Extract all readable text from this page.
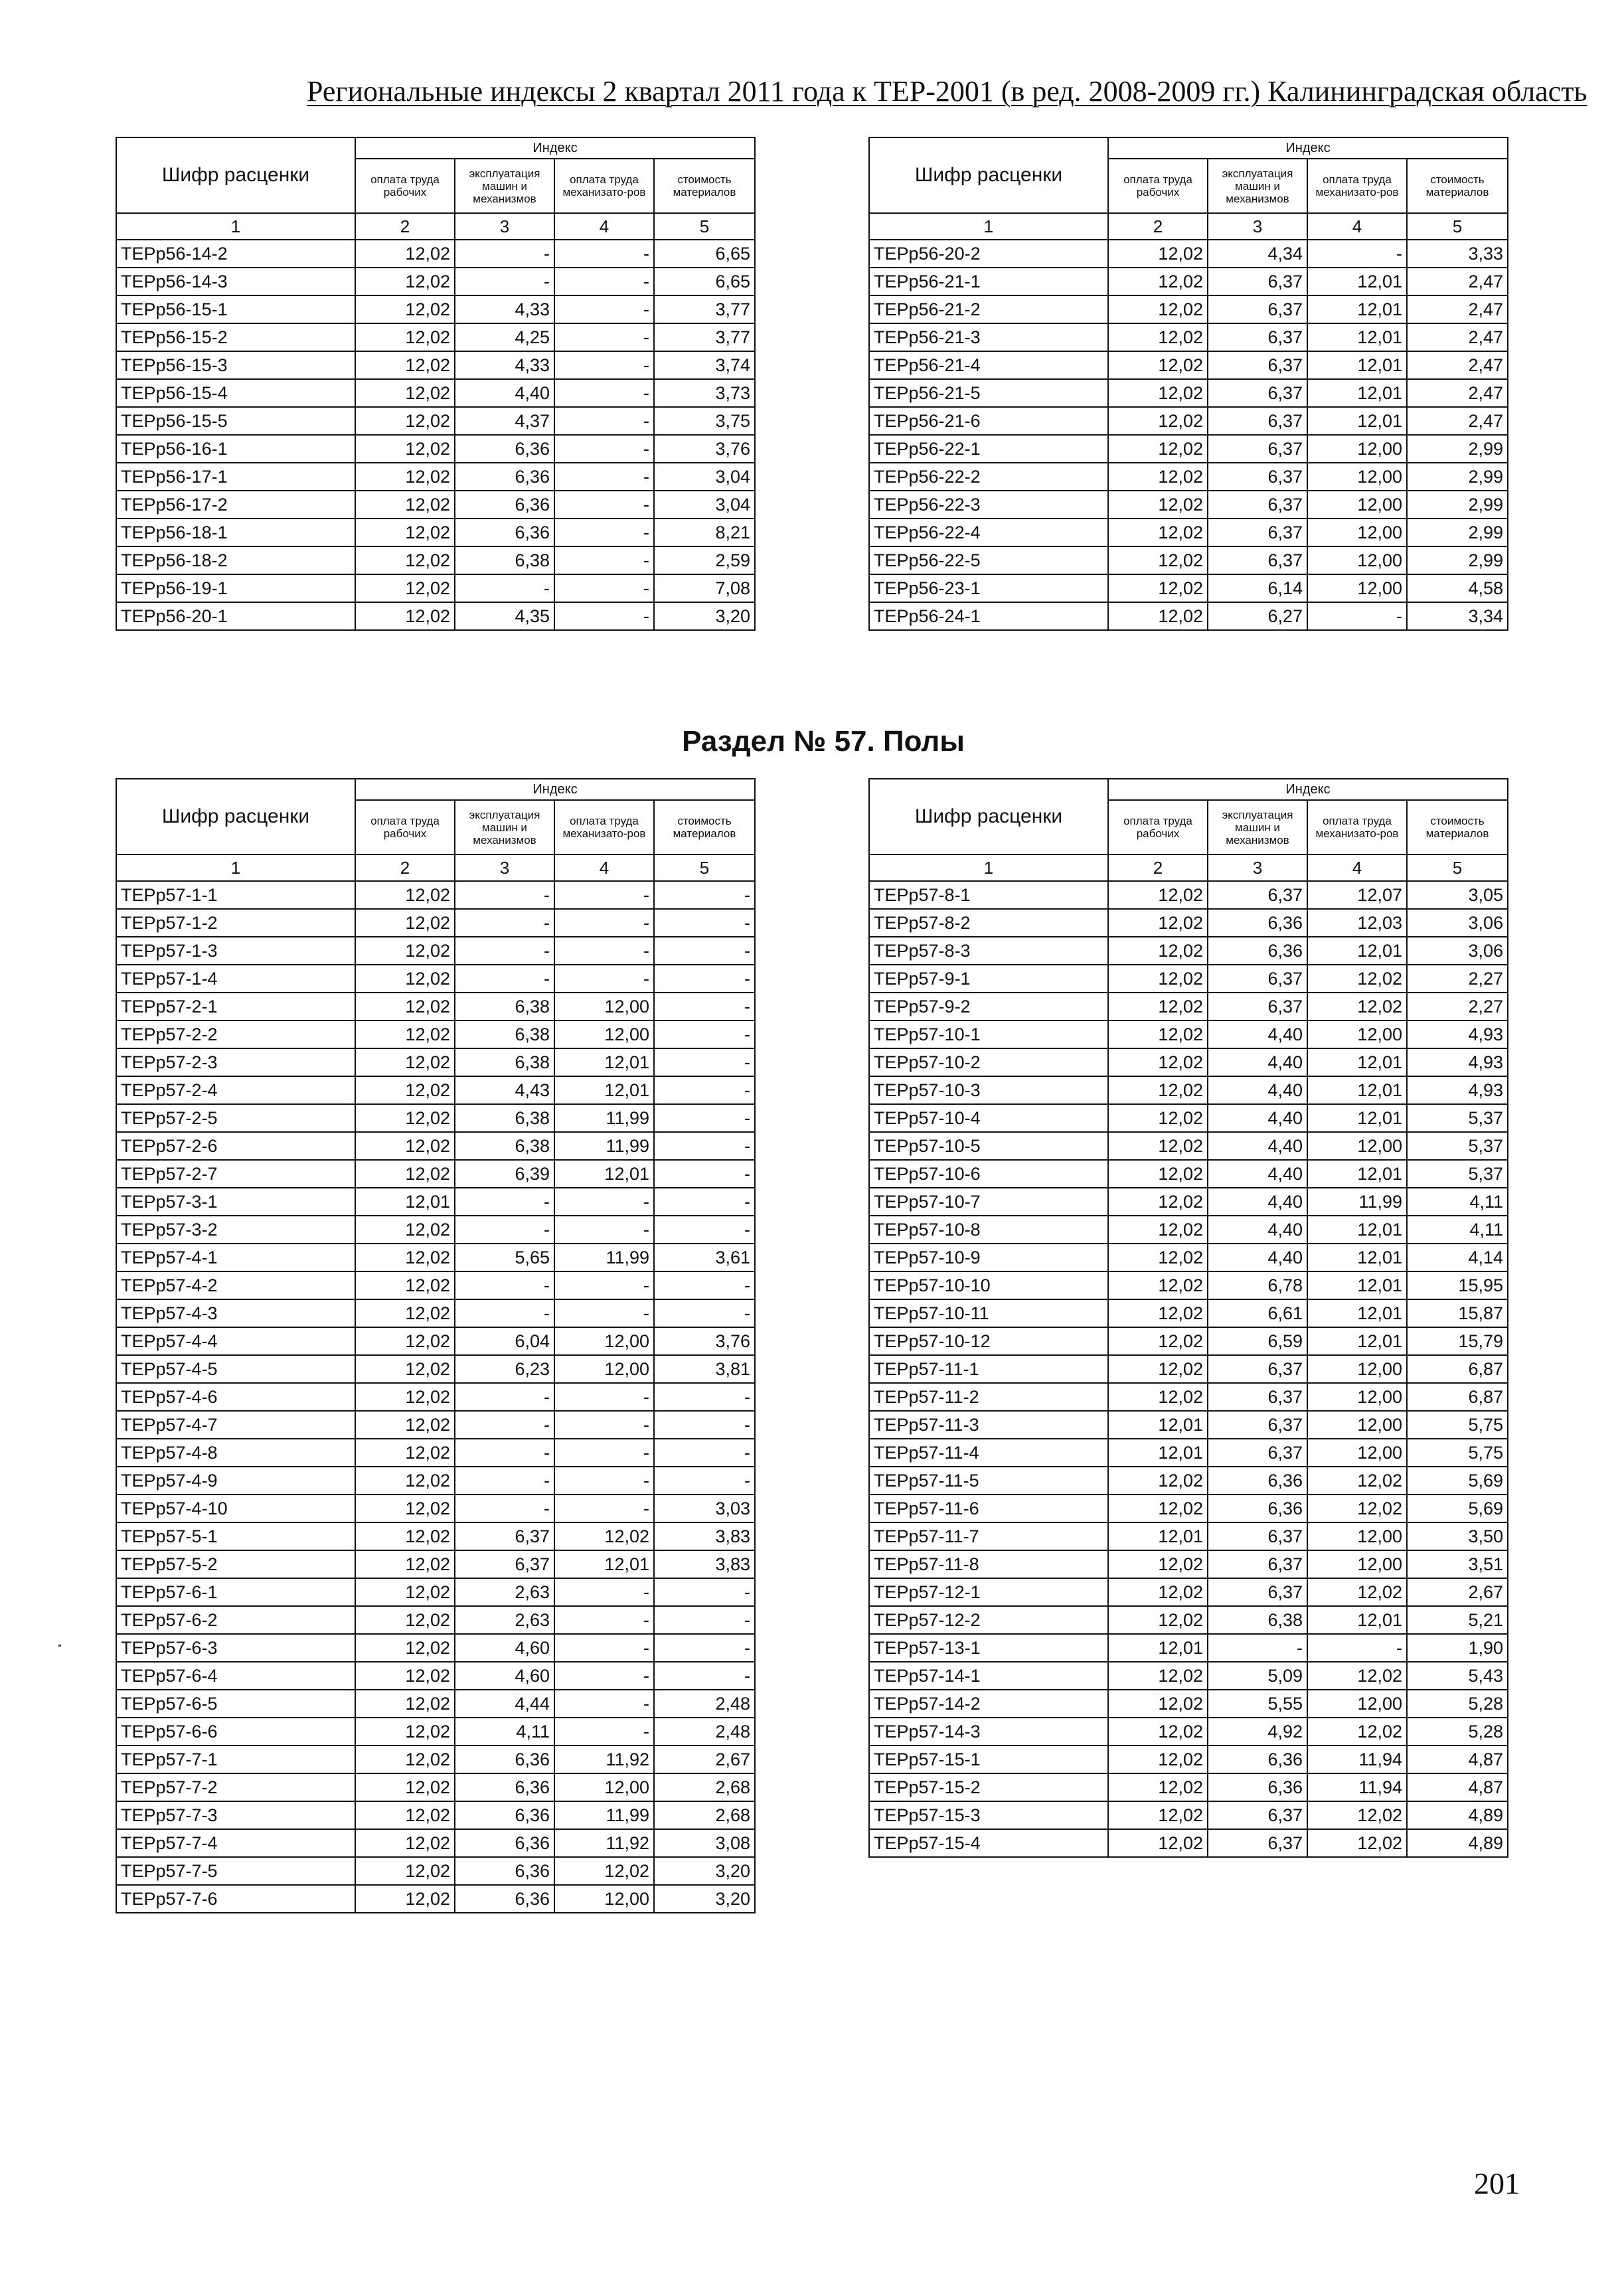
Региональные индексы 2 квартал 2011 года к ТЕР-2001 (в ред. 2008-2009 гг.) Калининградская область
Шифр расценки	Индекс			
	оплата труда рабочих	эксплуатация машин и механизмов	оплата труда механизато-ров	стоимость материалов
1	2	3	4	5
ТЕРр56-14-2	12,02	-	-	6,65
ТЕРр56-14-3	12,02	-	-	6,65
ТЕРр56-15-1	12,02	4,33	-	3,77
ТЕРр56-15-2	12,02	4,25	-	3,77
ТЕРр56-15-3	12,02	4,33	-	3,74
ТЕРр56-15-4	12,02	4,40	-	3,73
ТЕРр56-15-5	12,02	4,37	-	3,75
ТЕРр56-16-1	12,02	6,36	-	3,76
ТЕРр56-17-1	12,02	6,36	-	3,04
ТЕРр56-17-2	12,02	6,36	-	3,04
ТЕРр56-18-1	12,02	6,36	-	8,21
ТЕРр56-18-2	12,02	6,38	-	2,59
ТЕРр56-19-1	12,02	-	-	7,08
ТЕРр56-20-1	12,02	4,35	-	3,20
Шифр расценки	Индекс			
	оплата труда рабочих	эксплуатация машин и механизмов	оплата труда механизато-ров	стоимость материалов
1	2	3	4	5
ТЕРр56-20-2	12,02	4,34	-	3,33
ТЕРр56-21-1	12,02	6,37	12,01	2,47
ТЕРр56-21-2	12,02	6,37	12,01	2,47
ТЕРр56-21-3	12,02	6,37	12,01	2,47
ТЕРр56-21-4	12,02	6,37	12,01	2,47
ТЕРр56-21-5	12,02	6,37	12,01	2,47
ТЕРр56-21-6	12,02	6,37	12,01	2,47
ТЕРр56-22-1	12,02	6,37	12,00	2,99
ТЕРр56-22-2	12,02	6,37	12,00	2,99
ТЕРр56-22-3	12,02	6,37	12,00	2,99
ТЕРр56-22-4	12,02	6,37	12,00	2,99
ТЕРр56-22-5	12,02	6,37	12,00	2,99
ТЕРр56-23-1	12,02	6,14	12,00	4,58
ТЕРр56-24-1	12,02	6,27	-	3,34
Раздел № 57. Полы
Шифр расценки	Индекс			
	оплата труда рабочих	эксплуатация машин и механизмов	оплата труда механизато-ров	стоимость материалов
1	2	3	4	5
ТЕРр57-1-1	12,02	-	-	-
ТЕРр57-1-2	12,02	-	-	-
ТЕРр57-1-3	12,02	-	-	-
ТЕРр57-1-4	12,02	-	-	-
ТЕРр57-2-1	12,02	6,38	12,00	-
ТЕРр57-2-2	12,02	6,38	12,00	-
ТЕРр57-2-3	12,02	6,38	12,01	-
ТЕРр57-2-4	12,02	4,43	12,01	-
ТЕРр57-2-5	12,02	6,38	11,99	-
ТЕРр57-2-6	12,02	6,38	11,99	-
ТЕРр57-2-7	12,02	6,39	12,01	-
ТЕРр57-3-1	12,01	-	-	-
ТЕРр57-3-2	12,02	-	-	-
ТЕРр57-4-1	12,02	5,65	11,99	3,61
ТЕРр57-4-2	12,02	-	-	-
ТЕРр57-4-3	12,02	-	-	-
ТЕРр57-4-4	12,02	6,04	12,00	3,76
ТЕРр57-4-5	12,02	6,23	12,00	3,81
ТЕРр57-4-6	12,02	-	-	-
ТЕРр57-4-7	12,02	-	-	-
ТЕРр57-4-8	12,02	-	-	-
ТЕРр57-4-9	12,02	-	-	-
ТЕРр57-4-10	12,02	-	-	3,03
ТЕРр57-5-1	12,02	6,37	12,02	3,83
ТЕРр57-5-2	12,02	6,37	12,01	3,83
ТЕРр57-6-1	12,02	2,63	-	-
ТЕРр57-6-2	12,02	2,63	-	-
ТЕРр57-6-3	12,02	4,60	-	-
ТЕРр57-6-4	12,02	4,60	-	-
ТЕРр57-6-5	12,02	4,44	-	2,48
ТЕРр57-6-6	12,02	4,11	-	2,48
ТЕРр57-7-1	12,02	6,36	11,92	2,67
ТЕРр57-7-2	12,02	6,36	12,00	2,68
ТЕРр57-7-3	12,02	6,36	11,99	2,68
ТЕРр57-7-4	12,02	6,36	11,92	3,08
ТЕРр57-7-5	12,02	6,36	12,02	3,20
ТЕРр57-7-6	12,02	6,36	12,00	3,20
Шифр расценки	Индекс			
	оплата труда рабочих	эксплуатация машин и механизмов	оплата труда механизато-ров	стоимость материалов
1	2	3	4	5
ТЕРр57-8-1	12,02	6,37	12,07	3,05
ТЕРр57-8-2	12,02	6,36	12,03	3,06
ТЕРр57-8-3	12,02	6,36	12,01	3,06
ТЕРр57-9-1	12,02	6,37	12,02	2,27
ТЕРр57-9-2	12,02	6,37	12,02	2,27
ТЕРр57-10-1	12,02	4,40	12,00	4,93
ТЕРр57-10-2	12,02	4,40	12,01	4,93
ТЕРр57-10-3	12,02	4,40	12,01	4,93
ТЕРр57-10-4	12,02	4,40	12,01	5,37
ТЕРр57-10-5	12,02	4,40	12,00	5,37
ТЕРр57-10-6	12,02	4,40	12,01	5,37
ТЕРр57-10-7	12,02	4,40	11,99	4,11
ТЕРр57-10-8	12,02	4,40	12,01	4,11
ТЕРр57-10-9	12,02	4,40	12,01	4,14
ТЕРр57-10-10	12,02	6,78	12,01	15,95
ТЕРр57-10-11	12,02	6,61	12,01	15,87
ТЕРр57-10-12	12,02	6,59	12,01	15,79
ТЕРр57-11-1	12,02	6,37	12,00	6,87
ТЕРр57-11-2	12,02	6,37	12,00	6,87
ТЕРр57-11-3	12,01	6,37	12,00	5,75
ТЕРр57-11-4	12,01	6,37	12,00	5,75
ТЕРр57-11-5	12,02	6,36	12,02	5,69
ТЕРр57-11-6	12,02	6,36	12,02	5,69
ТЕРр57-11-7	12,01	6,37	12,00	3,50
ТЕРр57-11-8	12,02	6,37	12,00	3,51
ТЕРр57-12-1	12,02	6,37	12,02	2,67
ТЕРр57-12-2	12,02	6,38	12,01	5,21
ТЕРр57-13-1	12,01	-	-	1,90
ТЕРр57-14-1	12,02	5,09	12,02	5,43
ТЕРр57-14-2	12,02	5,55	12,00	5,28
ТЕРр57-14-3	12,02	4,92	12,02	5,28
ТЕРр57-15-1	12,02	6,36	11,94	4,87
ТЕРр57-15-2	12,02	6,36	11,94	4,87
ТЕРр57-15-3	12,02	6,37	12,02	4,89
ТЕРр57-15-4	12,02	6,37	12,02	4,89
201
